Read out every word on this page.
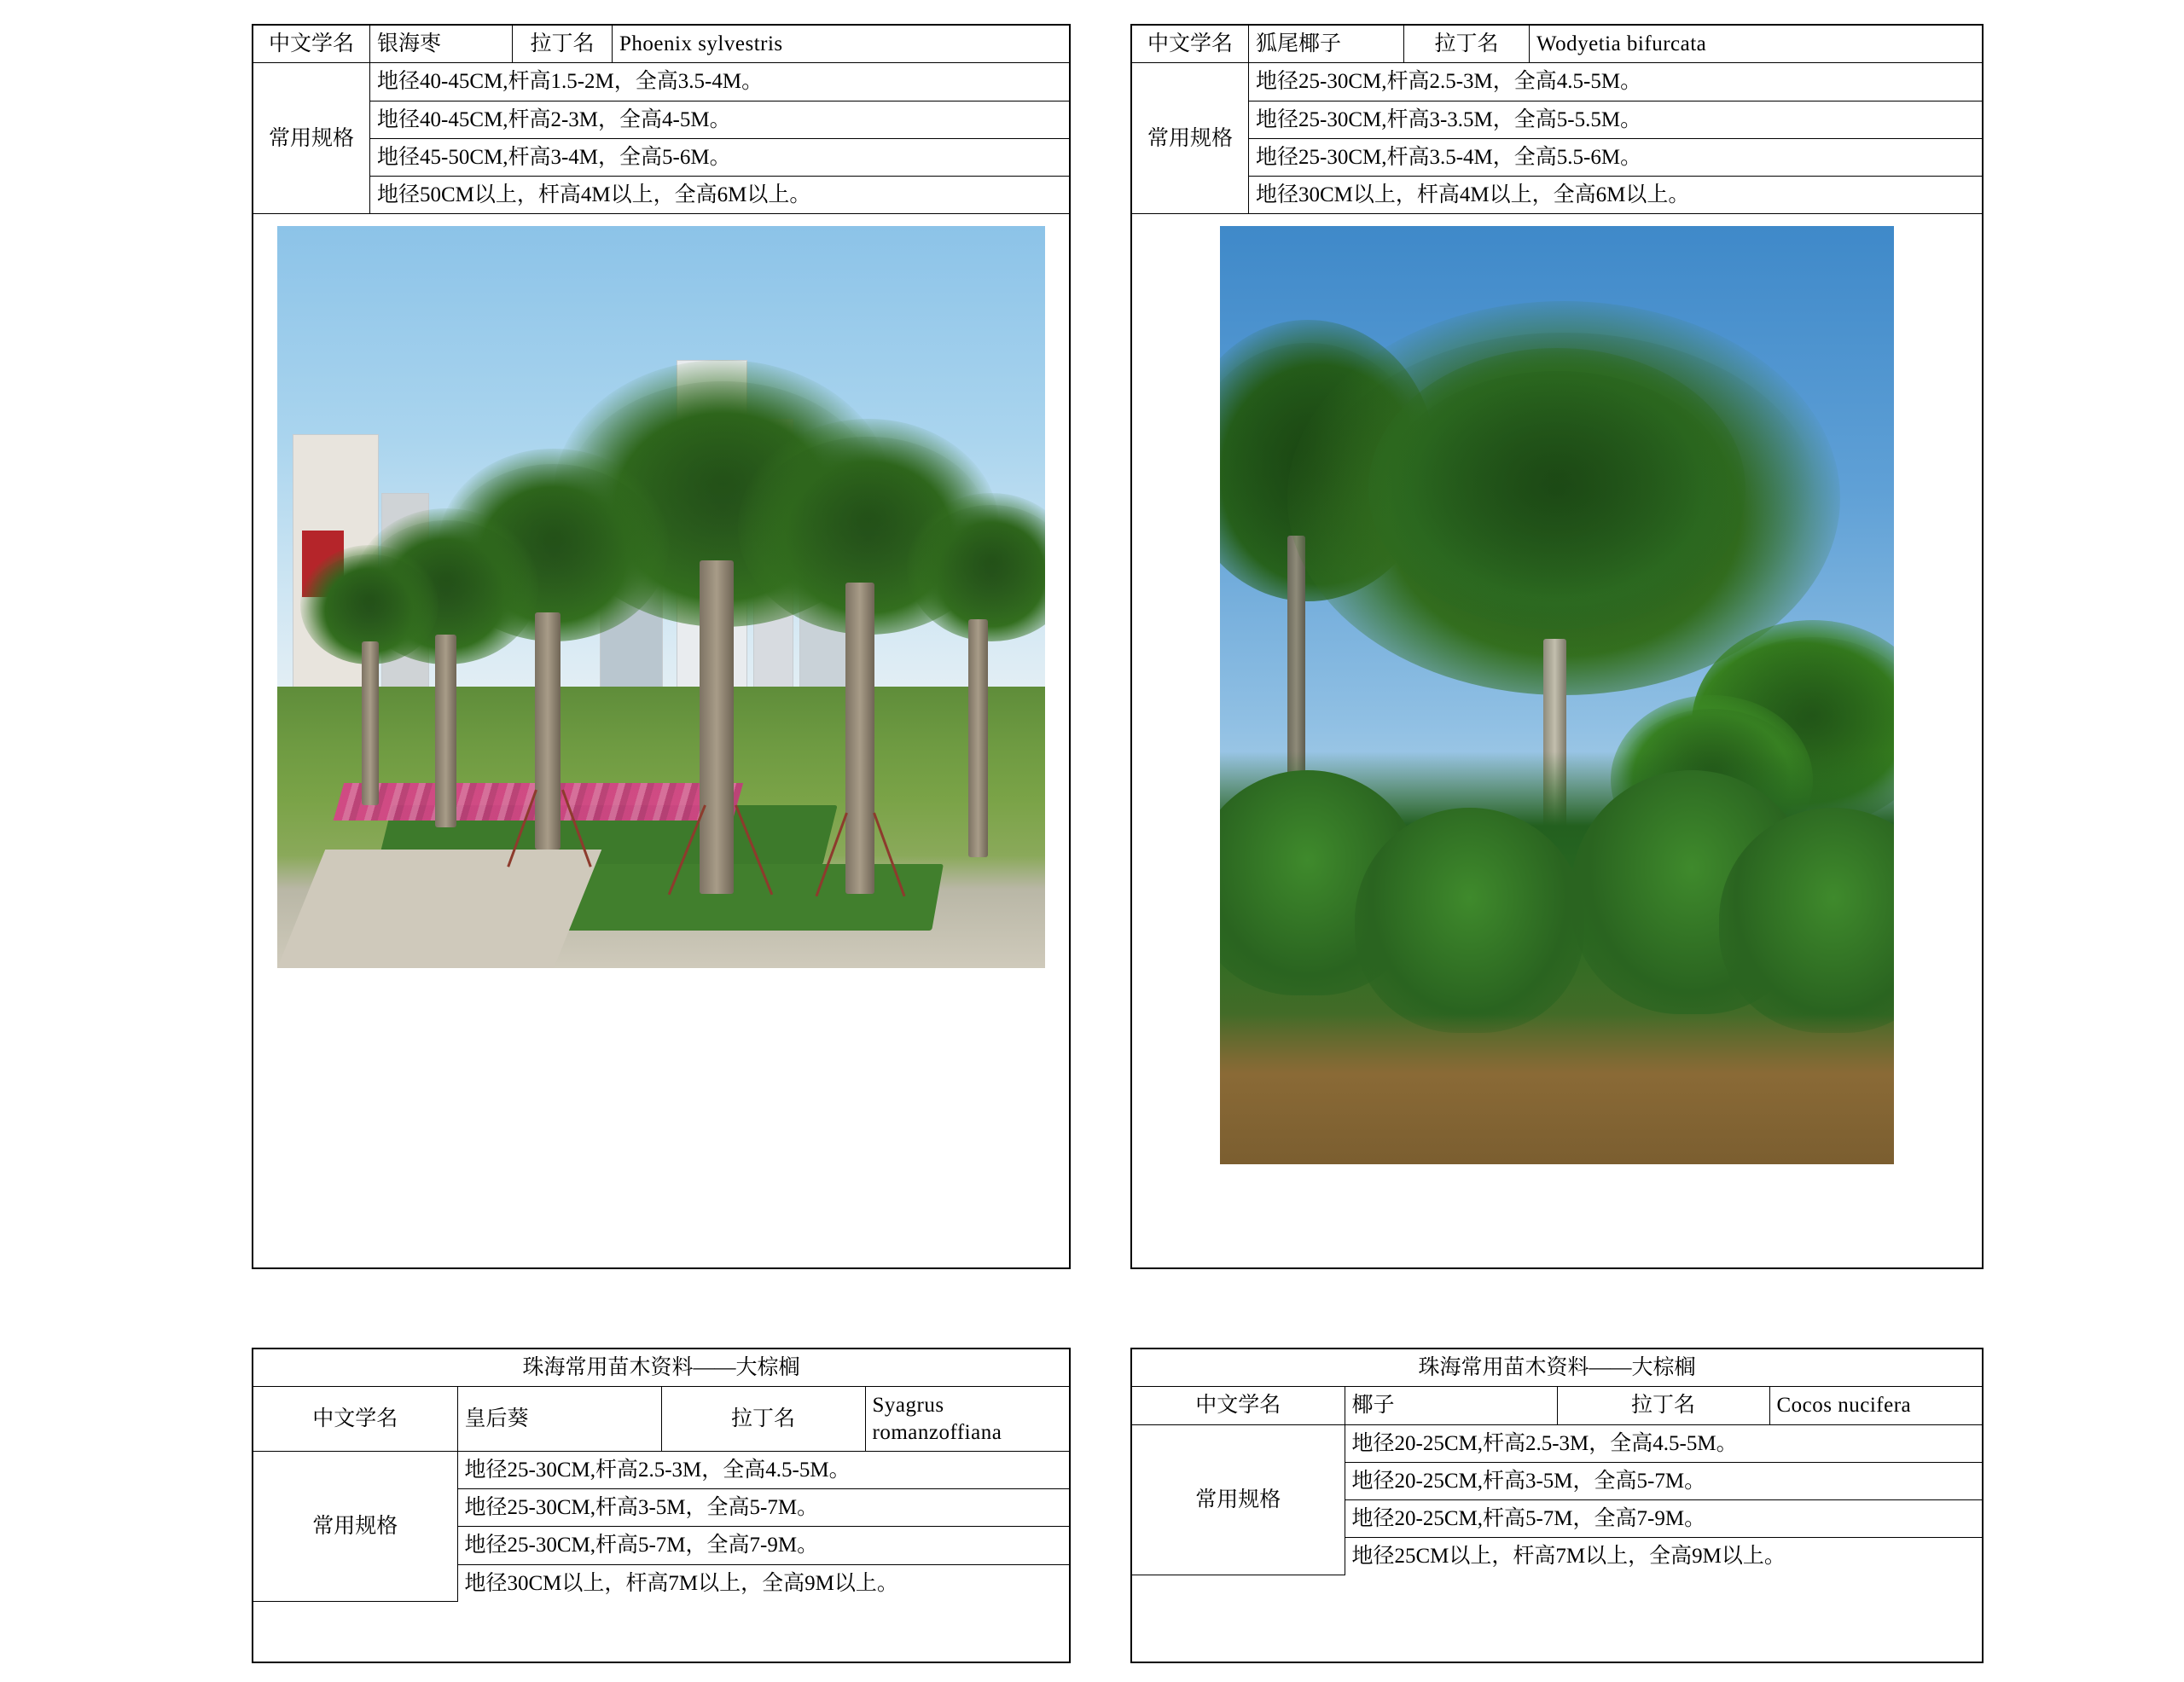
中文学名	银海枣	拉丁名	Phoenix sylvestris
常用规格	地径40-45CM,杆高1.5-2M，全高3.5-4M。		
	地径40-45CM,杆高2-3M，全高4-5M。		
	地径45-50CM,杆高3-4M，全高5-6M。		
	地径50CM以上，杆高4M以上，全高6M以上。		

中文学名	狐尾椰子	拉丁名	Wodyetia bifurcata
常用规格	地径25-30CM,杆高2.5-3M，全高4.5-5M。		
	地径25-30CM,杆高3-3.5M，全高5-5.5M。		
	地径25-30CM,杆高3.5-4M，全高5.5-6M。		
	地径30CM以上，杆高4M以上，全高6M以上。		

珠海常用苗木资料——大棕榈			
中文学名	皇后葵	拉丁名	Syagrus romanzoffiana
常用规格	地径25-30CM,杆高2.5-3M，全高4.5-5M。		
	地径25-30CM,杆高3-5M，全高5-7M。		
	地径25-30CM,杆高5-7M，全高7-9M。		
	地径30CM以上，杆高7M以上，全高9M以上。		
珠海常用苗木资料——大棕榈			
中文学名	椰子	拉丁名	Cocos nucifera
常用规格	地径20-25CM,杆高2.5-3M，全高4.5-5M。		
	地径20-25CM,杆高3-5M，全高5-7M。		
	地径20-25CM,杆高5-7M，全高7-9M。		
	地径25CM以上，杆高7M以上，全高9M以上。		
